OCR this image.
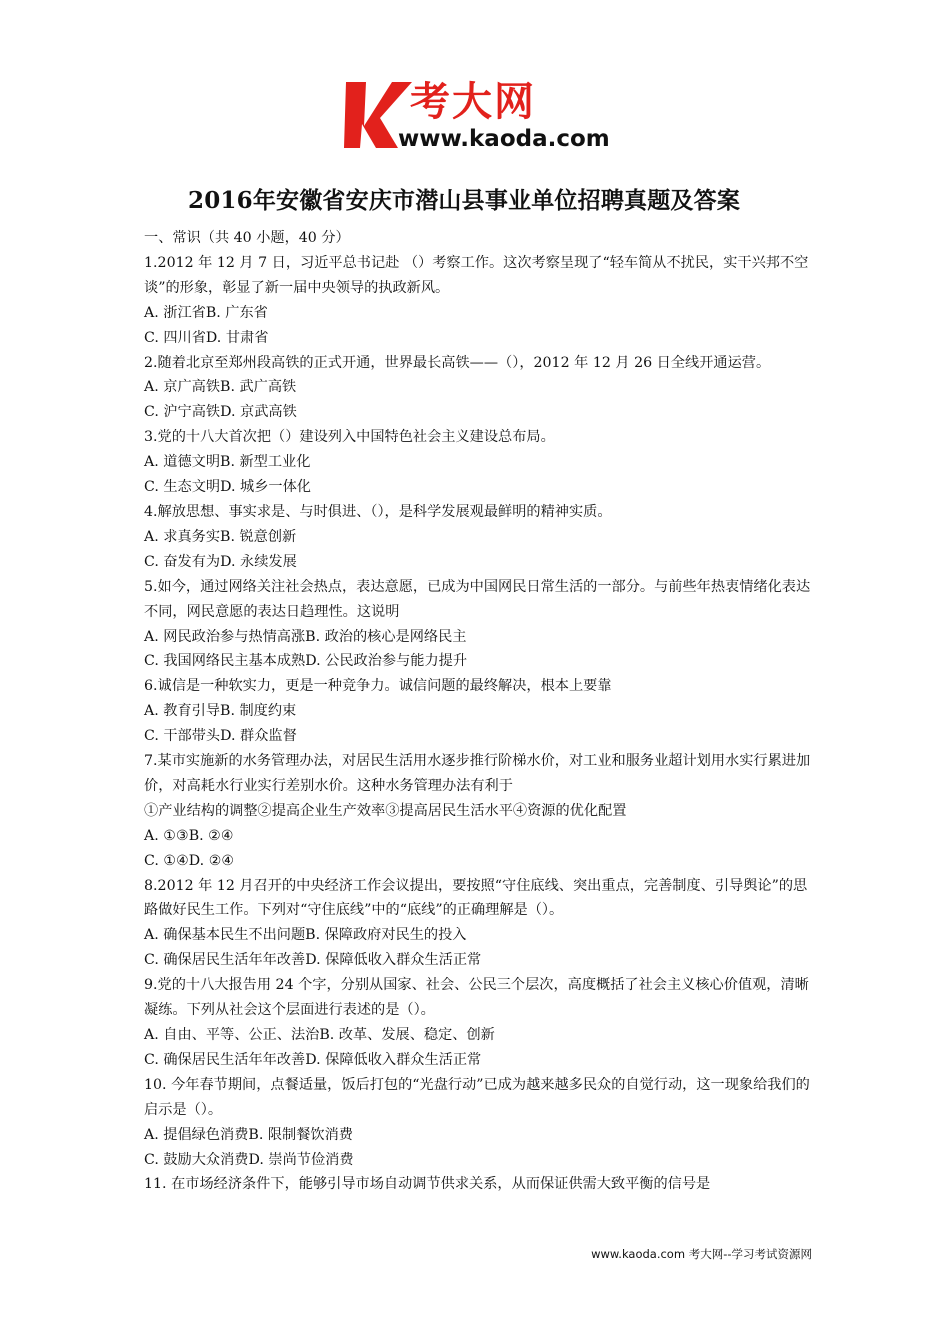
考大网
www.kaoda.com
2016年安徽省安庆市潜山县事业单位招聘真题及答案

一、常识（共 40 小题，40 分）

1.2012 年 12 月 7 日，习近平总书记赴 （）考察工作。这次考察呈现了“轻车简从不扰民，实干兴邦不空谈”的形象，彰显了新一届中央领导的执政新风。

A. 浙江省B. 广东省

C. 四川省D. 甘肃省

2.随着北京至郑州段高铁的正式开通，世界最长高铁——（），2012 年 12 月 26 日全线开通运营。

A. 京广高铁B. 武广高铁

C. 沪宁高铁D. 京武高铁

3.党的十八大首次把（）建设列入中国特色社会主义建设总布局。

A. 道德文明B. 新型工业化

C. 生态文明D. 城乡一体化

4.解放思想、事实求是、与时俱进、（），是科学发展观最鲜明的精神实质。

A. 求真务实B. 锐意创新

C. 奋发有为D. 永续发展

5.如今，通过网络关注社会热点，表达意愿，已成为中国网民日常生活的一部分。与前些年热衷情绪化表达不同，网民意愿的表达日趋理性。这说明

A. 网民政治参与热情高涨B. 政治的核心是网络民主

C. 我国网络民主基本成熟D. 公民政治参与能力提升

6.诚信是一种软实力，更是一种竞争力。诚信问题的最终解决，根本上要靠

A. 教育引导B. 制度约束

C. 干部带头D. 群众监督

7.某市实施新的水务管理办法，对居民生活用水逐步推行阶梯水价，对工业和服务业超计划用水实行累进加价，对高耗水行业实行差别水价。这种水务管理办法有利于

①产业结构的调整②提高企业生产效率③提高居民生活水平④资源的优化配置

A. ①③B. ②④

C. ①④D. ②④

8.2012 年 12 月召开的中央经济工作会议提出，要按照“守住底线、突出重点，完善制度、引导舆论”的思路做好民生工作。下列对“守住底线”中的“底线”的正确理解是（）。

A. 确保基本民生不出问题B. 保障政府对民生的投入

C. 确保居民生活年年改善D. 保障低收入群众生活正常

9.党的十八大报告用 24 个字，分别从国家、社会、公民三个层次，高度概括了社会主义核心价值观，清晰凝练。下列从社会这个层面进行表述的是（）。

A. 自由、平等、公正、法治B. 改革、发展、稳定、创新

C. 确保居民生活年年改善D. 保障低收入群众生活正常

10. 今年春节期间，点餐适量，饭后打包的“光盘行动”已成为越来越多民众的自觉行动，这一现象给我们的启示是（）。

A. 提倡绿色消费B. 限制餐饮消费

C. 鼓励大众消费D. 崇尚节俭消费

11. 在市场经济条件下，能够引导市场自动调节供求关系，从而保证供需大致平衡的信号是

www.kaoda.com 考大网--学习考试资源网
